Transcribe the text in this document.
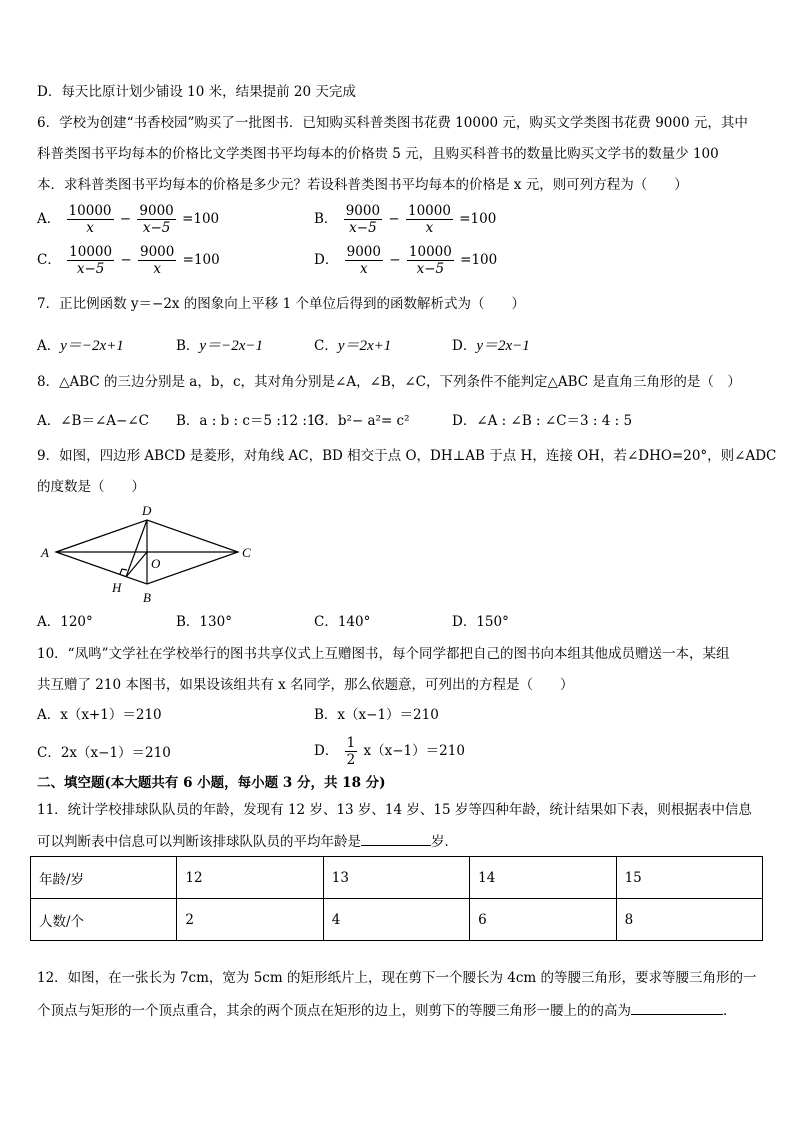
D．每天比原计划少铺设 10 米，结果提前 20 天完成
6．学校为创建“书香校园”购买了一批图书．已知购买科普类图书花费 10000 元，购买文学类图书花费 9000 元，其中
科普类图书平均每本的价格比文学类图书平均每本的价格贵 5 元，且购买科普书的数量比购买文学书的数量少 100
本．求科普类图书平均每本的价格是多少元？若设科普类图书平均每本的价格是 x 元，则可列方程为（　　）
A． $\frac{10000}{x} - \frac{9000}{x-5} =100$	B． $\frac{9000}{x-5} - \frac{10000}{x} =100$
C． $\frac{10000}{x-5} - \frac{9000}{x} =100$	D． $\frac{9000}{x} - \frac{10000}{x-5} =100$
7．正比例函数 y＝−2x 的图象向上平移 1 个单位后得到的函数解析式为（　　）
A．y＝−2x+1	B．y＝−2x−1	C．y＝2x+1	D．y＝2x−1
8．△ABC 的三边分别是 a，b，c，其对角分别是∠A，∠B，∠C，下列条件不能判定△ABC 是直角三角形的是（　）
A．∠B＝∠A−∠C B．a : b : c＝5 :12 :13
C．b²− a²= c²	D．∠A : ∠B : ∠C＝3 : 4 : 5
9．如图，四边形 ABCD 是菱形，对角线 AC，BD 相交于点 O，DH⊥AB 于点 H，连接 OH，若∠DHO=20°，则∠ADC
的度数是（　　）
A
D
C
O
H
B
A．120°	B．130°	C．140°	D．150°
10．“凤鸣”文学社在学校举行的图书共享仪式上互赠图书，每个同学都把自己的图书向本组其他成员赠送一本，某组
共互赠了 210 本图书，如果设该组共有 x 名同学，那么依题意，可列出的方程是（　　）
A．x（x+1）＝210	B．x（x−1）＝210
C．2x（x−1）＝210	D． $\frac{1}{2} x(x-1)=210$
二、填空题(本大题共有 6 小题，每小题 3 分，共 18 分)
11．统计学校排球队队员的年龄，发现有 12 岁、13 岁、14 岁、15 岁等四种年龄，统计结果如下表，则根据表中信息
可以判断表中信息可以判断该排球队队员的平均年龄是	岁．
年龄/岁	12	13	14	15
人数/个	2	4	6	8
12．如图，在一张长为 7cm，宽为 5cm 的矩形纸片上，现在剪下一个腰长为 4cm 的等腰三角形，要求等腰三角形的一
个顶点与矩形的一个顶点重合，其余的两个顶点在矩形的边上，则剪下的等腰三角形一腰上的的高为	．
